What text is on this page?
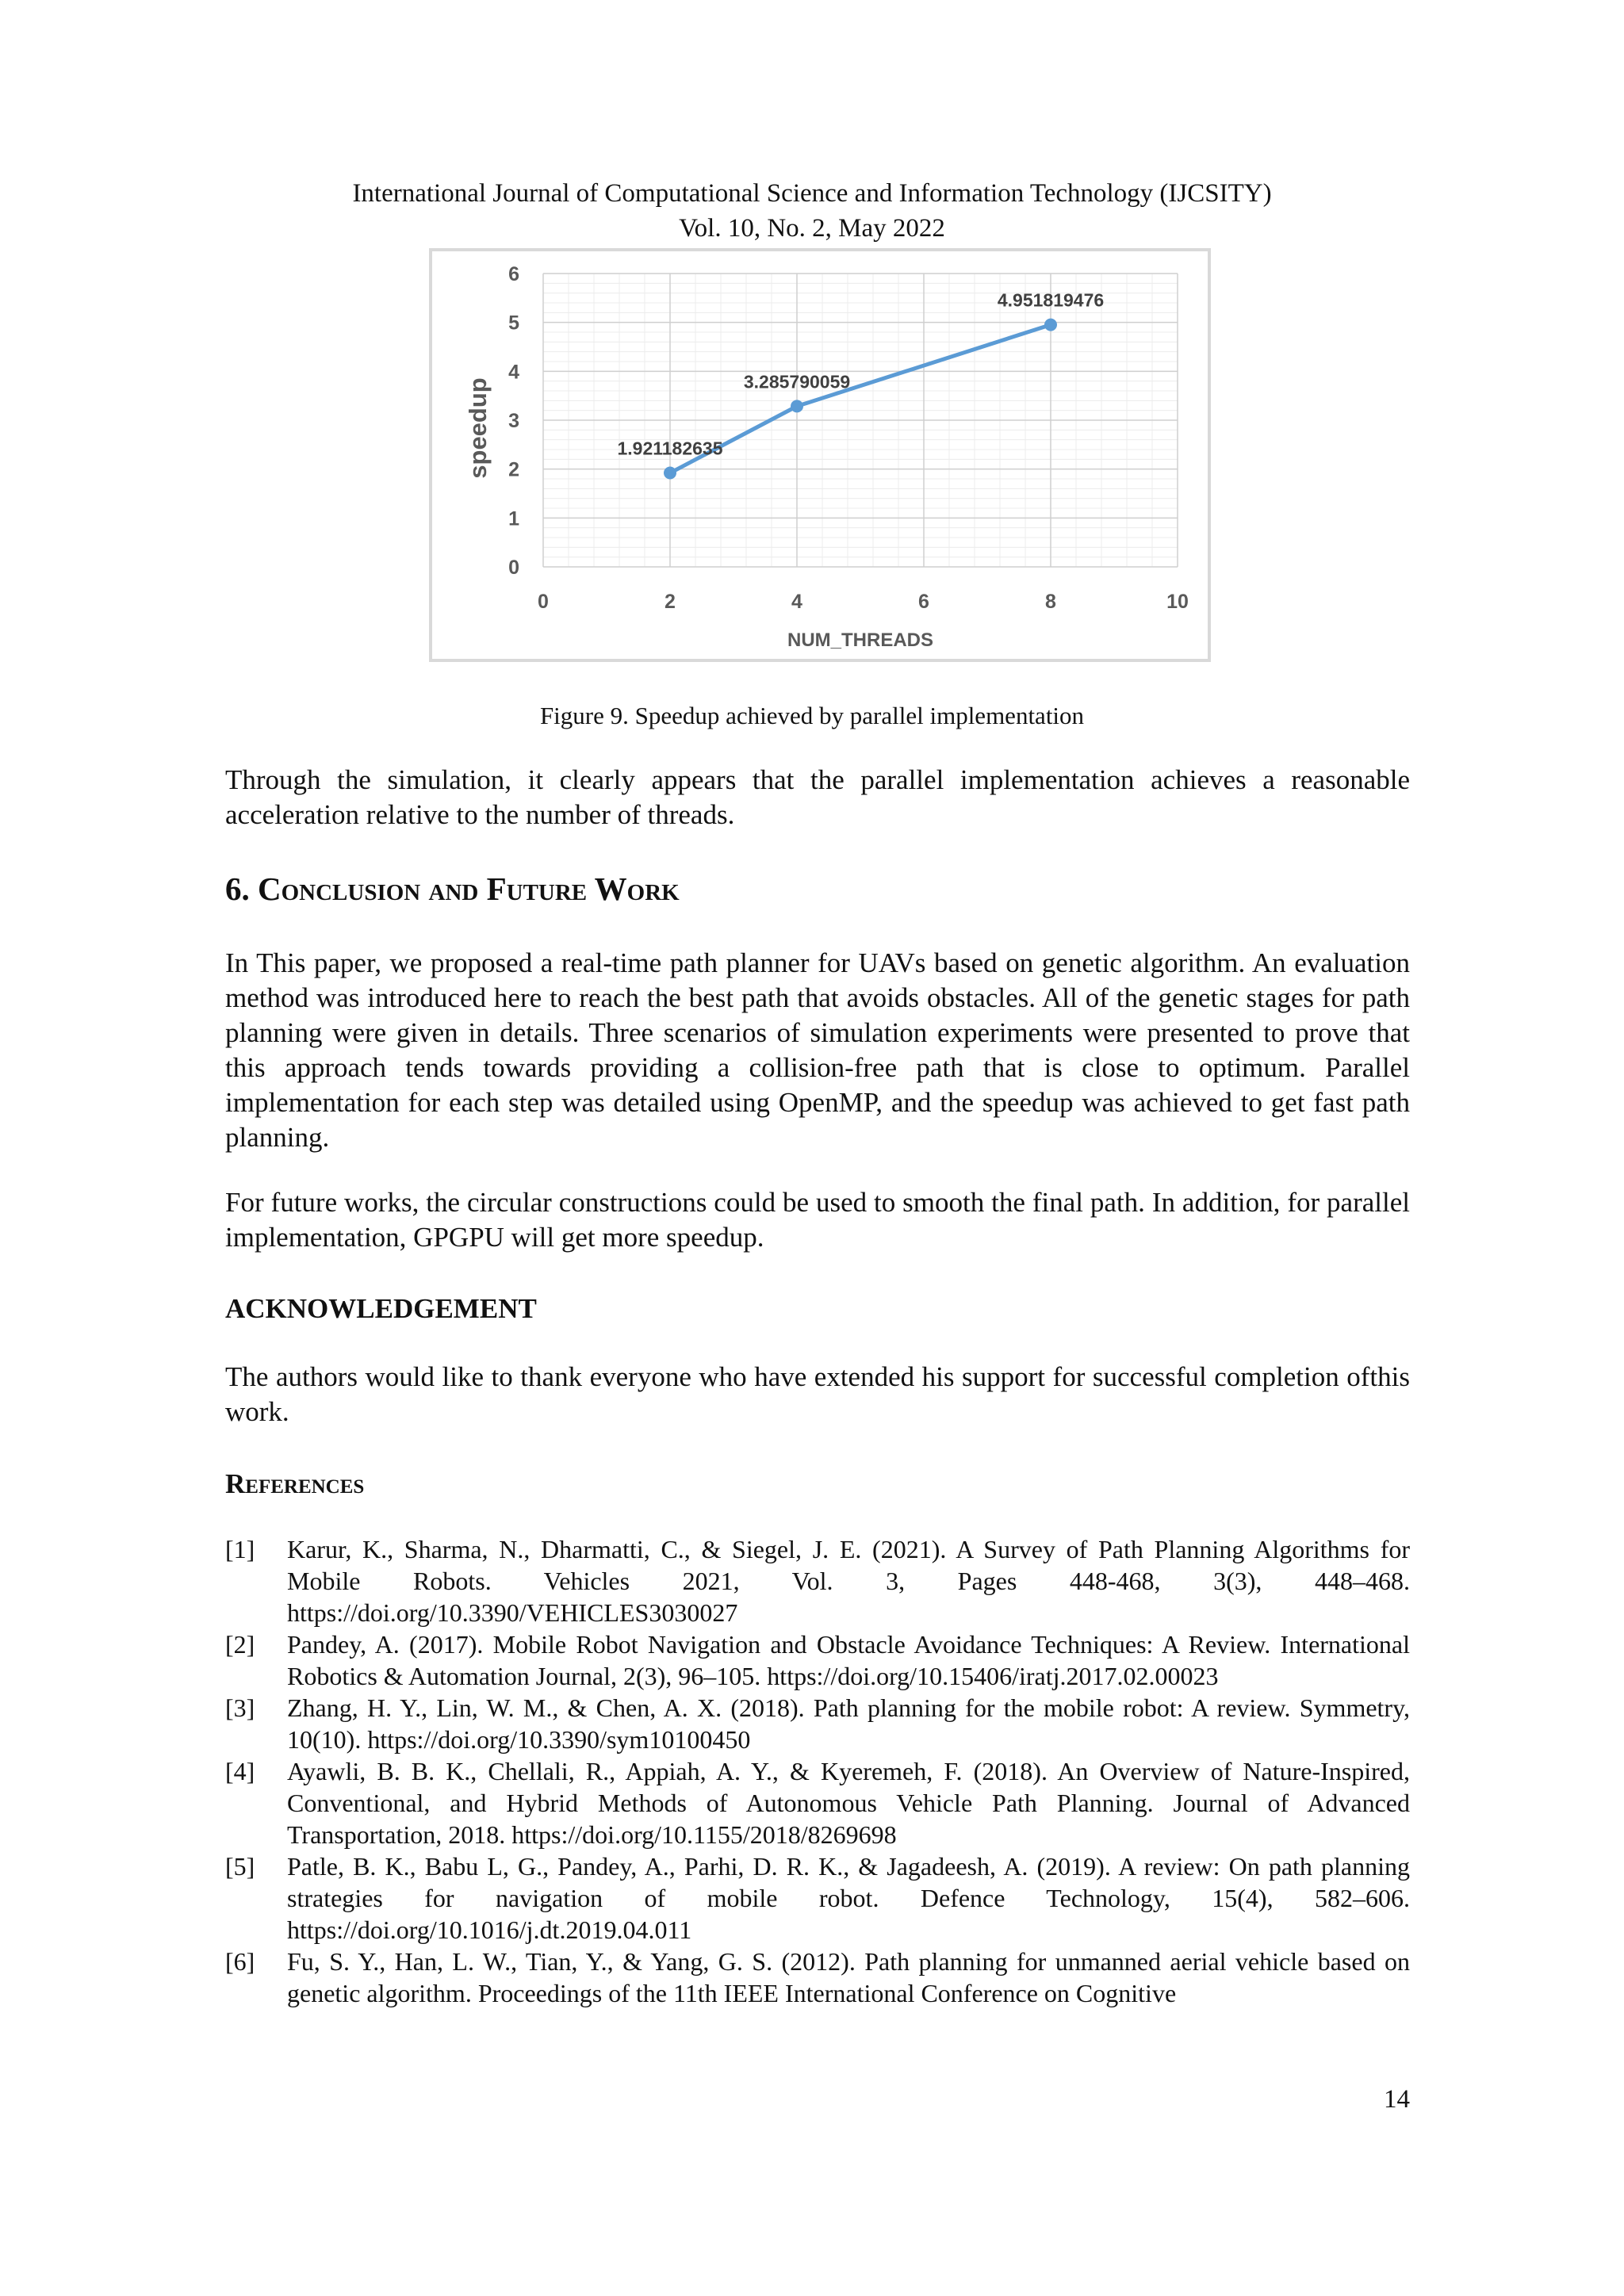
International Journal of Computational Science and Information Technology (IJCSITY)
Vol. 10, No. 2, May 2022
0	2	4	6	8	10
0
1
2
3
4
5
6
NUM_THREADS
speedup	1.921182635
3.285790059
4.951819476
Figure 9. Speedup achieved by parallel implementation
Through the simulation, it clearly appears that the parallel implementation achieves a reasonable acceleration relative to the number of threads.
6. Conclusion and Future Work
In This paper, we proposed a real-time path planner for UAVs based on genetic algorithm. An evaluation method was introduced here to reach the best path that avoids obstacles. All of the genetic stages for path planning were given in details. Three scenarios of simulation experiments were presented to prove that this approach tends towards providing a collision-free path that is close to optimum. Parallel implementation for each step was detailed using OpenMP, and the speedup was achieved to get fast path planning.
For future works, the circular constructions could be used to smooth the final path. In addition, for parallel implementation, GPGPU will get more speedup.
ACKNOWLEDGEMENT
The authors would like to thank everyone who have extended his support for successful completion ofthis work.
References
[1]	Karur, K., Sharma, N., Dharmatti, C., & Siegel, J. E. (2021). A Survey of Path Planning Algorithms for Mobile Robots. Vehicles 2021, Vol. 3, Pages 448-468, 3(3), 448–468. https://doi.org/10.3390/VEHICLES3030027
[2]	Pandey, A. (2017). Mobile Robot Navigation and Obstacle Avoidance Techniques: A Review. International Robotics & Automation Journal, 2(3), 96–105. https://doi.org/10.15406/iratj.2017.02.00023
[3]	Zhang, H. Y., Lin, W. M., & Chen, A. X. (2018). Path planning for the mobile robot: A review. Symmetry, 10(10). https://doi.org/10.3390/sym10100450
[4]	Ayawli, B. B. K., Chellali, R., Appiah, A. Y., & Kyeremeh, F. (2018). An Overview of Nature-Inspired, Conventional, and Hybrid Methods of Autonomous Vehicle Path Planning. Journal of Advanced Transportation, 2018. https://doi.org/10.1155/2018/8269698
[5]	Patle, B. K., Babu L, G., Pandey, A., Parhi, D. R. K., & Jagadeesh, A. (2019). A review: On path planning strategies for navigation of mobile robot. Defence Technology, 15(4), 582–606. https://doi.org/10.1016/j.dt.2019.04.011
[6]	Fu, S. Y., Han, L. W., Tian, Y., & Yang, G. S. (2012). Path planning for unmanned aerial vehicle based on genetic algorithm. Proceedings of the 11th IEEE International Conference on Cognitive
14
